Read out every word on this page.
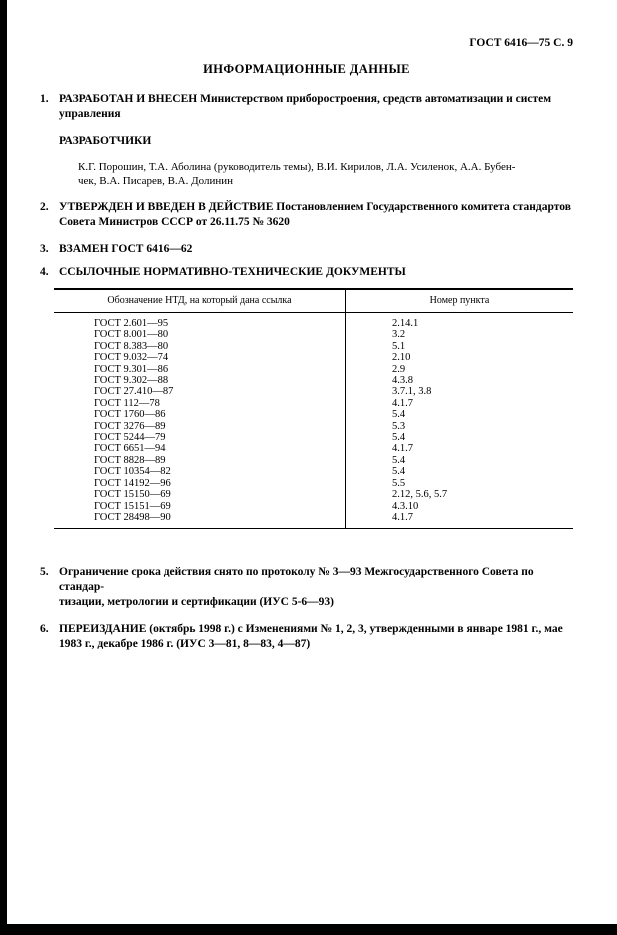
ГОСТ 6416—75 С. 9
ИНФОРМАЦИОННЫЕ ДАННЫЕ
1. РАЗРАБОТАН И ВНЕСЕН Министерством приборостроения, средств автоматизации и систем
управления
РАЗРАБОТЧИКИ
К.Г. Порошин, Т.А. Аболина (руководитель темы), В.И. Кирилов, Л.А. Усиленок, А.А. Бубен-
чек, В.А. Писарев, В.А. Долинин
2. УТВЕРЖДЕН И ВВЕДЕН В ДЕЙСТВИЕ Постановлением Государственного комитета стандартов
Совета Министров СССР от 26.11.75 № 3620
3. ВЗАМЕН ГОСТ 6416—62
4. ССЫЛОЧНЫЕ НОРМАТИВНО-ТЕХНИЧЕСКИЕ ДОКУМЕНТЫ
Обозначение НТД, на который дана ссылка	Номер пункта
ГОСТ 2.601—95	2.14.1
ГОСТ 8.001—80	3.2
ГОСТ 8.383—80	5.1
ГОСТ 9.032—74	2.10
ГОСТ 9.301—86	2.9
ГОСТ 9.302—88	4.3.8
ГОСТ 27.410—87	3.7.1, 3.8
ГОСТ 112—78	4.1.7
ГОСТ 1760—86	5.4
ГОСТ 3276—89	5.3
ГОСТ 5244—79	5.4
ГОСТ 6651—94	4.1.7
ГОСТ 8828—89	5.4
ГОСТ 10354—82	5.4
ГОСТ 14192—96	5.5
ГОСТ 15150—69	2.12, 5.6, 5.7
ГОСТ 15151—69	4.3.10
ГОСТ 28498—90	4.1.7
5. Ограничение срока действия снято по протоколу № 3—93 Межгосударственного Совета по стандар-
тизации, метрологии и сертификации (ИУС 5-6—93)
6. ПЕРЕИЗДАНИЕ (октябрь 1998 г.) с Изменениями № 1, 2, 3, утвержденными в январе 1981 г., мае
1983 г., декабре 1986 г. (ИУС 3—81, 8—83, 4—87)
